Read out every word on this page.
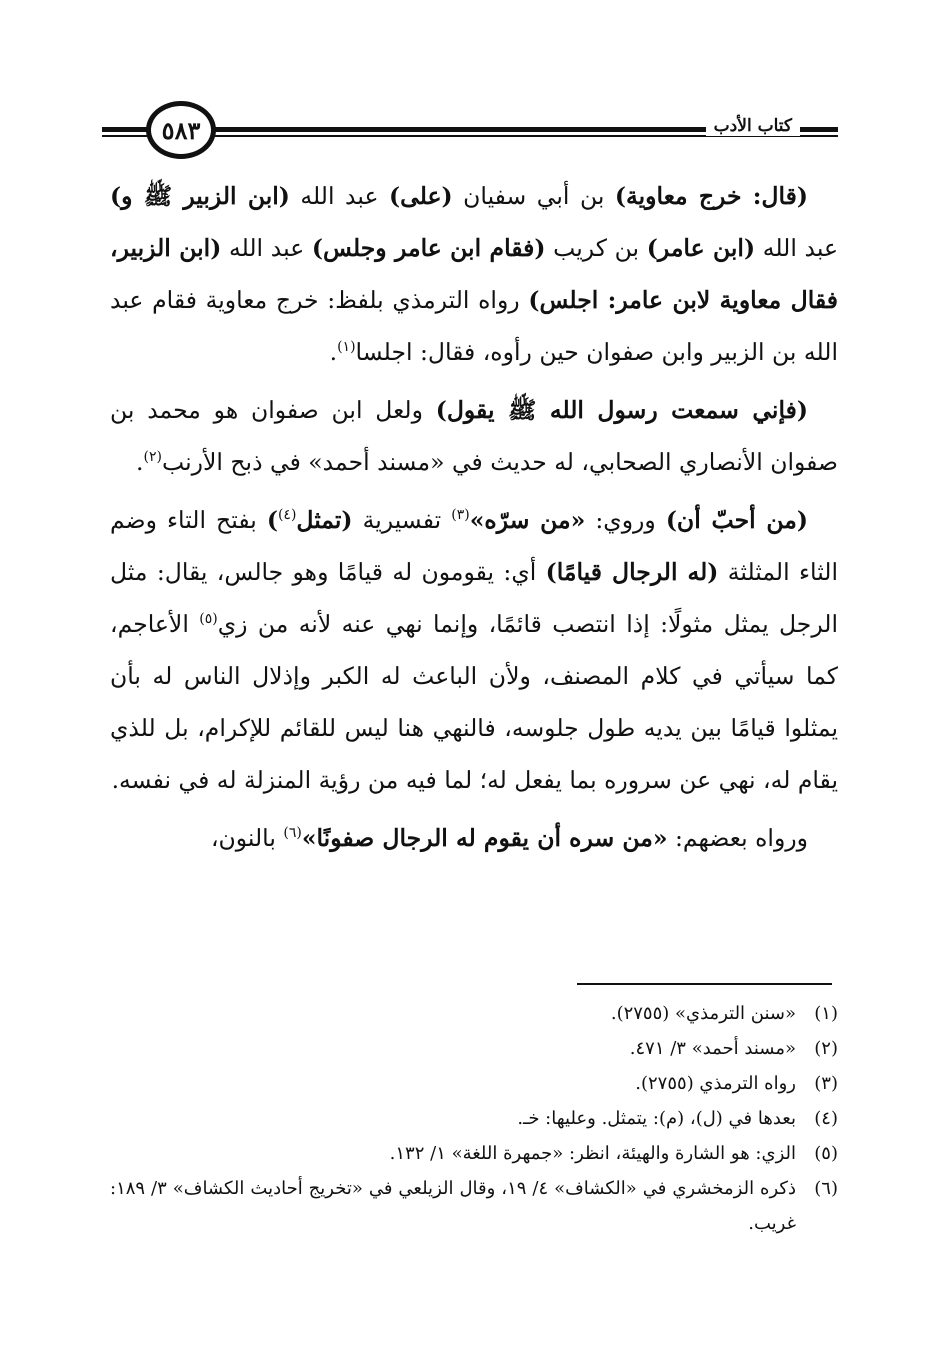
٥٨٣	كتاب الأدب

(قال: خرج معاوية) بن أبي سفيان (على) عبد الله (ابن الزبير ﷺ و) عبد الله (ابن عامر) بن كريب (فقام ابن عامر وجلس) عبد الله (ابن الزبير، فقال معاوية لابن عامر: اجلس) رواه الترمذي بلفظ: خرج معاوية فقام عبد الله بن الزبير وابن صفوان حين رأوه، فقال: اجلسا$^{(١)}$.

(فإني سمعت رسول الله ﷺ يقول) ولعل ابن صفوان هو محمد بن صفوان الأنصاري الصحابي، له حديث في «مسند أحمد» في ذبح الأرنب$^{(٢)}$.

(من أحبّ أن) وروي: «من سرّه»$^{(٣)}$ تفسيرية (تمثل$^{(٤)}$) بفتح التاء وضم الثاء المثلثة (له الرجال قيامًا) أي: يقومون له قيامًا وهو جالس، يقال: مثل الرجل يمثل مثولًا: إذا انتصب قائمًا، وإنما نهي عنه لأنه من زي$^{(٥)}$ الأعاجم، كما سيأتي في كلام المصنف، ولأن الباعث له الكبر وإذلال الناس له بأن يمثلوا قيامًا بين يديه طول جلوسه، فالنهي هنا ليس للقائم للإكرام، بل للذي يقام له، نهي عن سروره بما يفعل له؛ لما فيه من رؤية المنزلة له في نفسه.

ورواه بعضهم: «من سره أن يقوم له الرجال صفونًا»$^{(٦)}$ بالنون،

(١)
«سنن الترمذي» (٢٧٥٥).
(٢)
«مسند أحمد» ٣/ ٤٧١.
(٣)
رواه الترمذي (٢٧٥٥).
(٤)
بعدها في (ل)، (م): يتمثل. وعليها: خـ.
(٥)
الزي: هو الشارة والهيئة، انظر: «جمهرة اللغة» ١/ ١٣٢.
(٦)
ذكره الزمخشري في «الكشاف» ٤/ ١٩، وقال الزيلعي في «تخريج أحاديث الكشاف» ٣/ ١٨٩: غريب.
